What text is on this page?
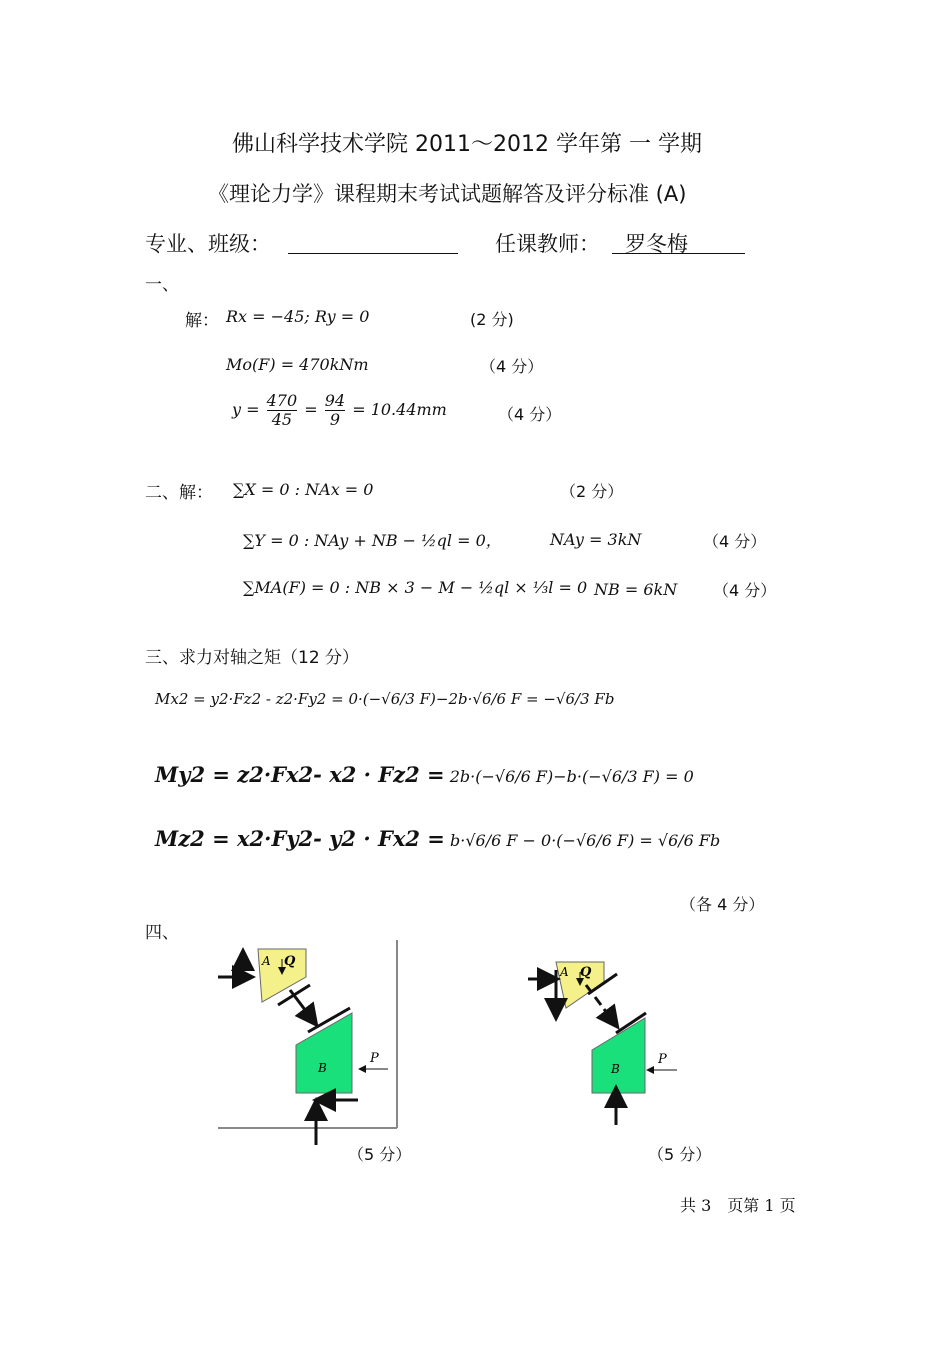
佛山科学技术学院 2011～2012 学年第 一 学期
《理论力学》课程期末考试试题解答及评分标准 (A)
专业、班级：	任课教师： 罗冬梅
一、
解： Rx = −45; Ry = 0	(2 分)
Mo(F) = 470kNm	（4 分）
$y = \frac{470}{45} = \frac{94}{9} = 10.44mm$	（4 分）
二、解： ∑X = 0 : NAx = 0	（2 分）
∑Y = 0 : NAy + NB − ½ql = 0，	NAy = 3kN	（4 分）
∑MA(F) = 0 : NB × 3 − M − ½ql × ⅓l = 0 NB = 6kN （4 分）
三、求力对轴之矩（12 分）
Mx2 = y2·Fz2 - z2·Fy2 = 0·(−√6/3 F)−2b·√6/6 F = −√6/3 Fb
My2 = z2·Fx2- x2 · Fz2 = 2b·(−√6/6 F)−b·(−√6/3 F) = 0
Mz2 = x2·Fy2- y2 · Fx2 = b·√6/6 F − 0·(−√6/6 F) = √6/6 Fb
（各 4 分）
四、
A Q
B
P
（5 分）
A Q
B
P
（5 分）
共 3　页第 1 页
